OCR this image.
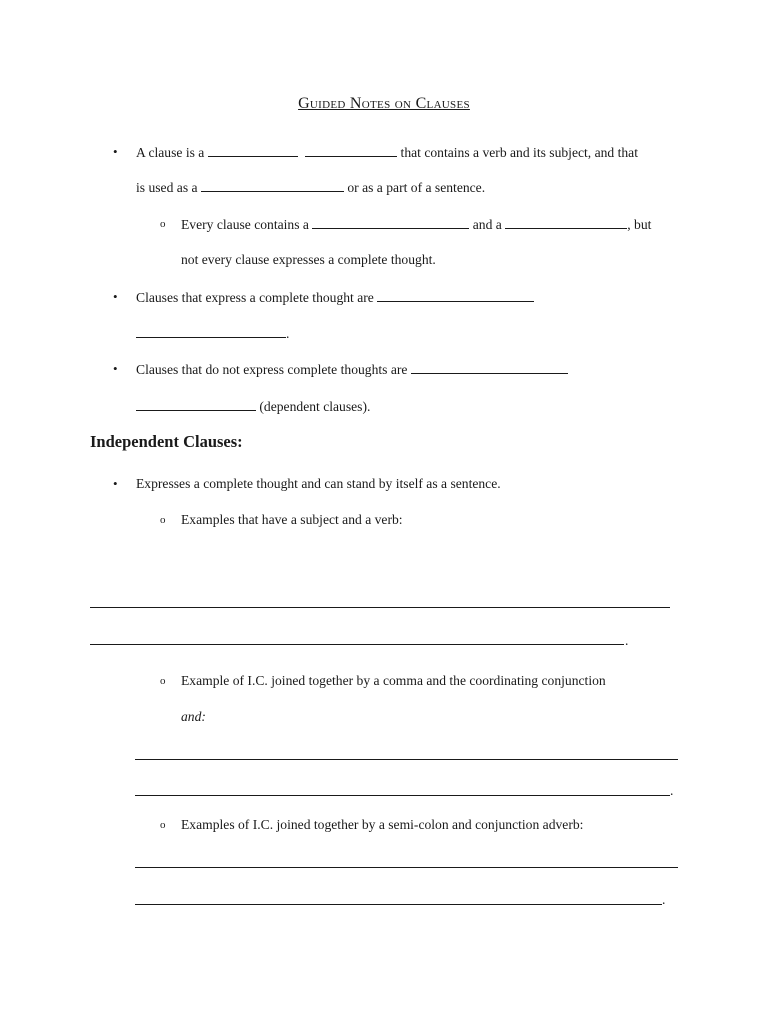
Guided Notes on Clauses
• A clause is a	that contains a verb and its subject, and that
is used as a	or as a part of a sentence.
o Every clause contains a	and a	, but
not every clause expresses a complete thought.
• Clauses that express a complete thought are
.
• Clauses that do not express complete thoughts are
(dependent clauses).
Independent Clauses:
• Expresses a complete thought and can stand by itself as a sentence.
o Examples that have a subject and a verb:
.
o Example of I.C. joined together by a comma and the coordinating conjunction
and:
.
o Examples of I.C. joined together by a semi-colon and conjunction adverb:
.
